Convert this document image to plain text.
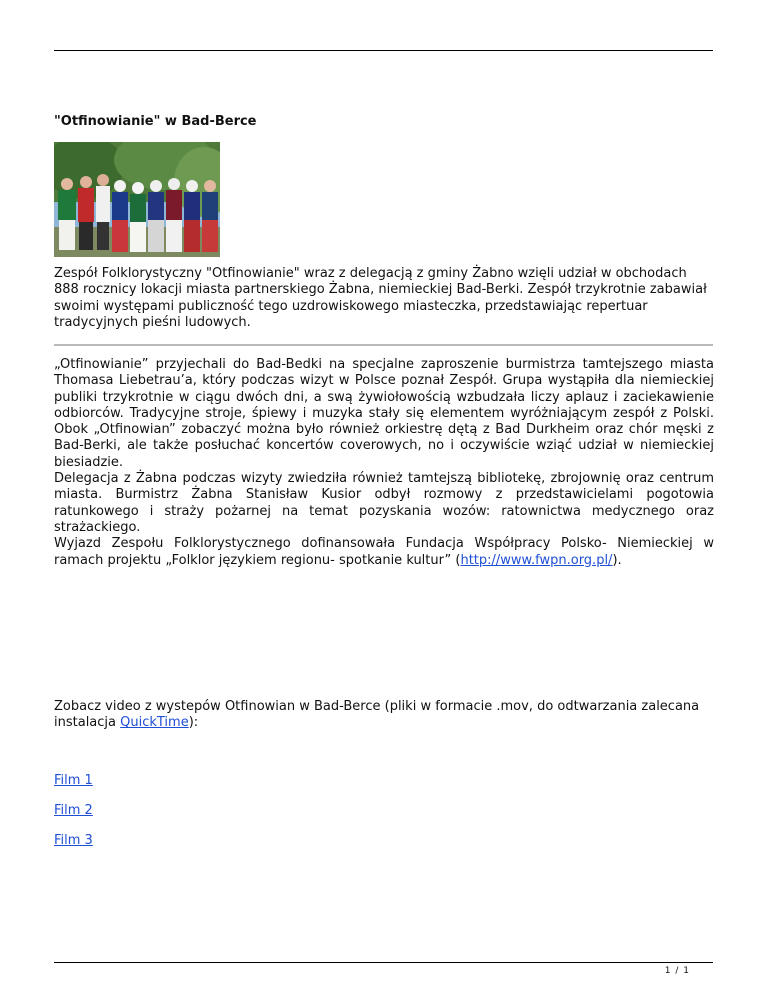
"Otfinowianie" w Bad-Berce

Zespół Folklorystyczny "Otfinowianie" wraz z delegacją z gminy Żabno wzięli udział w obchodach 888 rocznicy lokacji miasta partnerskiego Żabna, niemieckiej Bad-Berki. Zespół trzykrotnie zabawiał swoimi występami publiczność tego uzdrowiskowego miasteczka, przedstawiając repertuar tradycyjnych pieśni ludowych.

„Otfinowianie” przyjechali do Bad-Bedki na specjalne zaproszenie burmistrza tamtejszego miasta Thomasa Liebetrau’a, który podczas wizyt w Polsce poznał Zespół. Grupa wystąpiła dla niemieckiej publiki trzykrotnie w ciągu dwóch dni, a swą żywiołowością wzbudzała liczy aplauz i zaciekawienie odbiorców. Tradycyjne stroje, śpiewy i muzyka stały się elementem wyróżniającym zespół z Polski. Obok „Otfinowian” zobaczyć można było również orkiestrę dętą z Bad Durkheim oraz chór męski z Bad-Berki, ale także posłuchać koncertów coverowych, no i oczywiście wziąć udział w niemieckiej biesiadzie.
Delegacja z Żabna podczas wizyty zwiedziła również tamtejszą bibliotekę, zbrojownię oraz centrum miasta. Burmistrz Żabna Stanisław Kusior odbył rozmowy z przedstawicielami pogotowia ratunkowego i straży pożarnej na temat pozyskania wozów: ratownictwa medycznego oraz strażackiego.
Wyjazd Zespołu Folklorystycznego dofinansowała Fundacja Współpracy Polsko- Niemieckiej w ramach projektu „Folklor językiem regionu- spotkanie kultur” (http://www.fwpn.org.pl/).

Zobacz video z wystepów Otfinowian w Bad-Berce (pliki w formacie .mov, do odtwarzania zalecana instalacja QuickTime):

Film 1
Film 2
Film 3
1 / 1
